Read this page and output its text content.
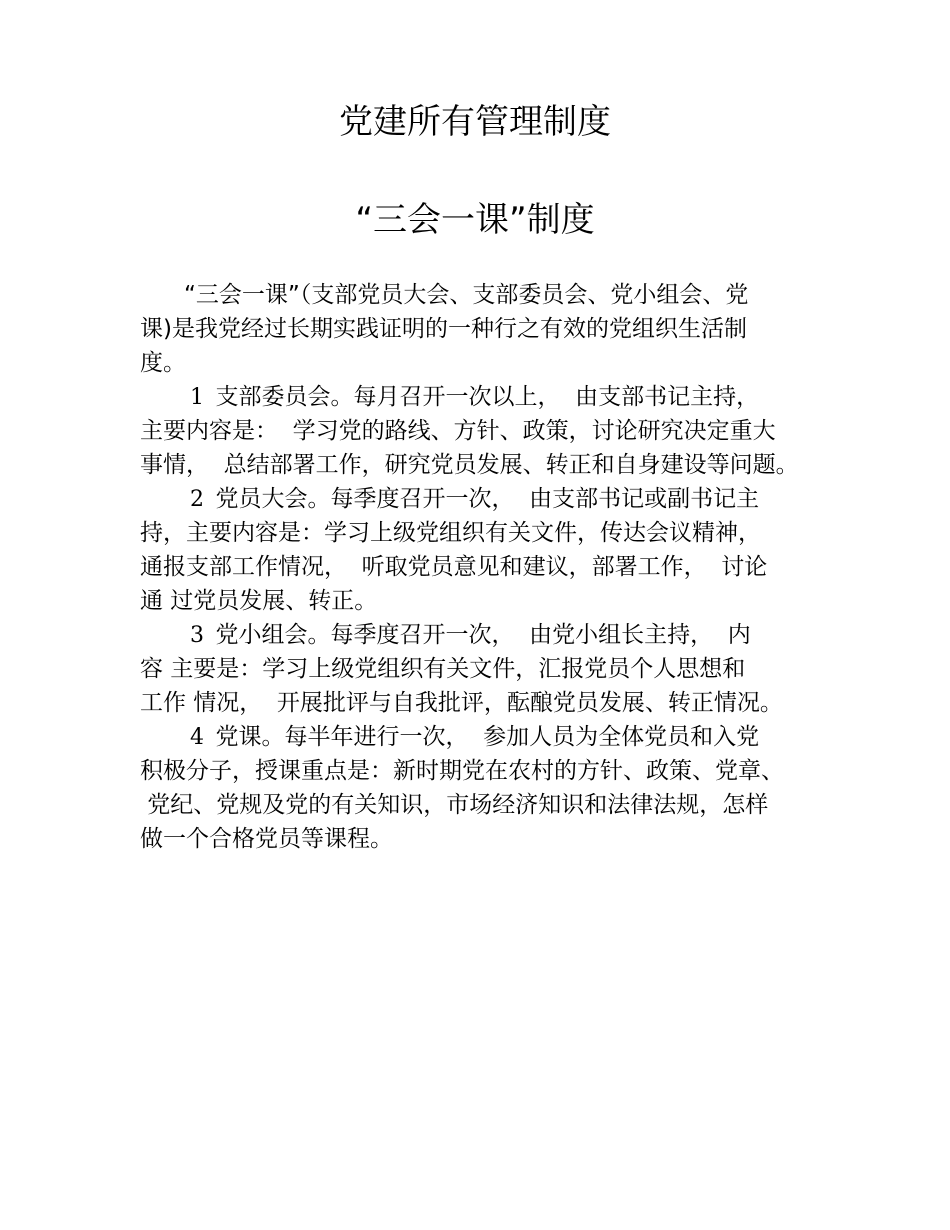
党建所有管理制度
“三会一课”制度
“三会一课”（支部党员大会、支部委员会、党小组会、党
课)是我党经过长期实践证明的一种行之有效的党组织生活制
度。
1  支部委员会。每月召开一次以上，  由支部书记主持，
主要内容是：  学习党的路线、方针、政策，讨论研究决定重大
事情，  总结部署工作，研究党员发展、转正和自身建设等问题。
2  党员大会。每季度召开一次，  由支部书记或副书记主
持，主要内容是：学习上级党组织有关文件，传达会议精神，
通报支部工作情况，  听取党员意见和建议，部署工作，  讨论
通 过党员发展、转正。
3  党小组会。每季度召开一次，  由党小组长主持，  内
容 主要是：学习上级党组织有关文件，汇报党员个人思想和
工作 情况，  开展批评与自我批评，酝酿党员发展、转正情况。
4  党课。每半年进行一次，  参加人员为全体党员和入党
积极分子，授课重点是：新时期党在农村的方针、政策、党章、
党纪、党规及党的有关知识，市场经济知识和法律法规，怎样
做一个合格党员等课程。
